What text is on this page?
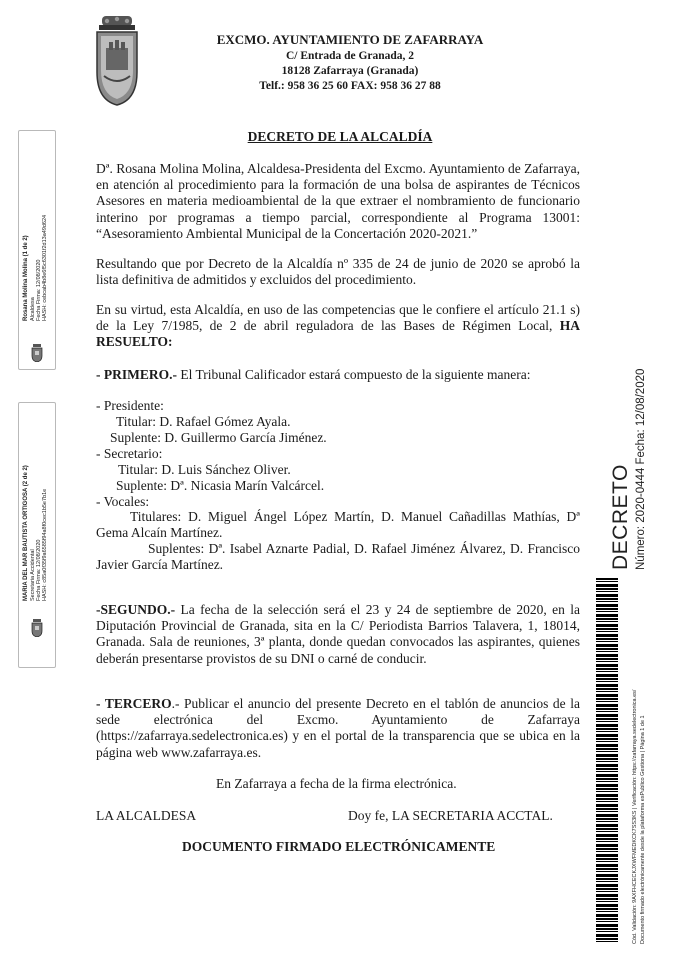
EXCMO. AYUNTAMIENTO DE ZAFARRAYA
C/ Entrada de Granada, 2
18128 Zafarraya (Granada)
Telf.: 958 36 25 60 FAX: 958 36 27 88
DECRETO DE LA ALCALDÍA
Dª. Rosana Molina Molina, Alcaldesa-Presidenta del Excmo. Ayuntamiento de Zafarraya, en atención al procedimiento para la formación de una bolsa de aspirantes de Técnicos Asesores en materia medioambiental de la que extraer el nombramiento de funcionario interino por programas a tiempo parcial, correspondiente al Programa 13001: “Asesoramiento Ambiental Municipal de la Concertación 2020-2021.”
Resultando que por Decreto de la Alcaldía nº 335 de 24 de junio de 2020 se aprobó la lista definitiva de admitidos y excluidos del procedimiento.
En su virtud, esta Alcaldía, en uso de las competencias que le confiere el artículo 21.1 s) de la Ley 7/1985, de 2 de abril reguladora de las Bases de Régimen Local, HA RESUELTO:
- PRIMERO.- El Tribunal Calificador estará compuesto de la siguiente manera:
- Presidente:
Titular: D. Rafael Gómez Ayala.
Suplente: D. Guillermo García Jiménez.
- Secretario:
Titular: D. Luis Sánchez Oliver.
Suplente: Dª. Nicasia Marín Valcárcel.
- Vocales:
Titulares: D. Miguel Ángel López Martín, D. Manuel Cañadillas Mathías, Dª Gema Alcaín Martínez.
Suplentes: Dª. Isabel Aznarte Padial, D. Rafael Jiménez Álvarez, D. Francisco Javier García Martínez.
-SEGUNDO.- La fecha de la selección será el 23 y 24 de septiembre de 2020, en la Diputación Provincial de Granada, sita en la C/ Periodista Barrios Talavera, 1, 18014, Granada. Sala de reuniones, 3ª planta, donde quedan convocados las aspirantes, quienes deberán presentarse provistos de su DNI o carné de conducir.
- TERCERO.- Publicar el anuncio del presente Decreto en el tablón de anuncios de la sede electrónica del Excmo. Ayuntamiento de Zafarraya (https://zafarraya.sedelectronica.es) y en el portal de la transparencia que se ubica en la página web www.zafarraya.es.
En Zafarraya a fecha de la firma electrónica.
LA ALCALDESA	Doy fe, LA SECRETARIA ACCTAL.
DOCUMENTO FIRMADO ELECTRÓNICAMENTE
Rosana Molina Molina (1 de 2) Alcaldesa Fecha Firma: 12/08/2020 HASH: cebcab4b8e6f5c6301f2d13a49d624
MARIA DEL MAR BAUTISTA ORTIGOSA (2 de 2) Secretaria Accidental Fecha Firma: 12/08/2020 HASH: c85a0f35f9a6585f94a8f0cec1b5e7b1e	DECRETO Número: 2020-0444 Fecha: 12/08/2020
Cód. Validación: 9AXFHCECKJXWFMEDKCK7SS3KS | Verificación: https://zafarraya.sedelectronica.es/ Documento firmado electrónicamente desde la plataforma esPublico Gestiona | Página 1 de 1
